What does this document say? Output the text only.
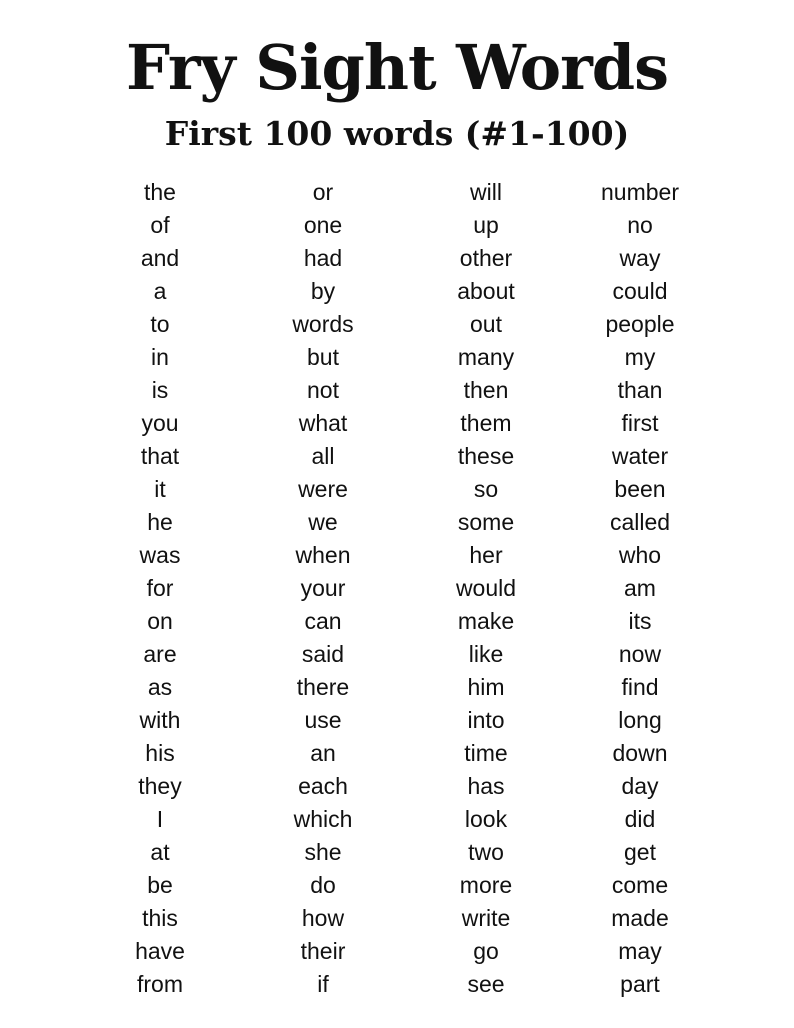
Fry Sight Words
First 100 words (#1-100)
the
of
and
a
to
in
is
you
that
it
he
was
for
on
are
as
with
his
they
I
at
be
this
have
from
or
one
had
by
words
but
not
what
all
were
we
when
your
can
said
there
use
an
each
which
she
do
how
their
if
will
up
other
about
out
many
then
them
these
so
some
her
would
make
like
him
into
time
has
look
two
more
write
go
see
number
no
way
could
people
my
than
first
water
been
called
who
am
its
now
find
long
down
day
did
get
come
made
may
part
